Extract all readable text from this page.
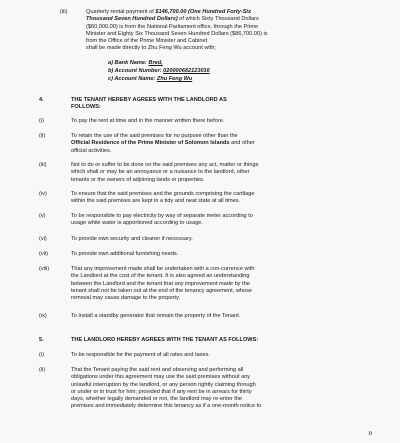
(iii)	Quarterly rental payment of $146,700.00 (One Hundred Forty-Six
Thousand Seven Hundred Dollars) of which Sixty Thousand Dollars
($60,000.00) is from the National Parliament office, through the Prime
Minister and Eighty Six Thousand Seven Hundred Dollars ($86,700.00) is
from the Office of the Prime Minister and Cabinet
shall be made directly to Zhu Feng Wu account with;
a) Bank Name: Bred,
b) Account Number: 020000682123016
c) Account Name: Zhu Feng Wu
4.	THE TENANT HEREBY AGREES WITH THE LANDLORD AS
FOLLOWS:
(i)	To pay the rent at time and in the manner written there before.
(ii)	To retain the use of the said premises for no purpose other than the
Official Residence of the Prime Minister of Solomon Islands and other
official activities.
(iii)	Not to do or suffer to be done on the said premises any act, matter or things
which shall or may be an annoyance or a nuisance to the landlord, other
tenants or the owners of adjoining lands or properties.
(iv)	To ensure that the said premises and the grounds comprising the cartilage
within the said premises are kept in a tidy and neat state at all times.
(v)	To be responsible to pay electricity by way of separate meter according to
usage while water is apportioned according to usage.
(vi)	To provide own security and cleaner if necessary.
(vii)	To provide own additional furnishing needs.
(viii)	That any improvement made shall be undertaken with a con-currence with
the Landlord at the cost of the tenant. It is also agreed an understanding
between the Landlord and the tenant that any improvement made by the
tenant shall not be taken out at the end of the tenancy agreement, whose
removal may cause damage to the property.
(ix)	To install a standby generator that remain the property of the Tenant.
5.	THE LANDLORD HEREBY AGREES WITH THE TENANT AS FOLLOWS:
(i)	To be responsible for the payment of all rates and taxes.
(ii)	That the Tenant paying the said rent and observing and performing all
obligations under this agreement may use the said premises without any
unlawful interruption by the landlord, or any person rightly claiming through
or under or in trust for him; provided that if any rent be in arrears for thirty
days, whether legally demanded or not, the landlord may re-enter the
premises and immediately determine this tenancy as if a one-month notice to
n
